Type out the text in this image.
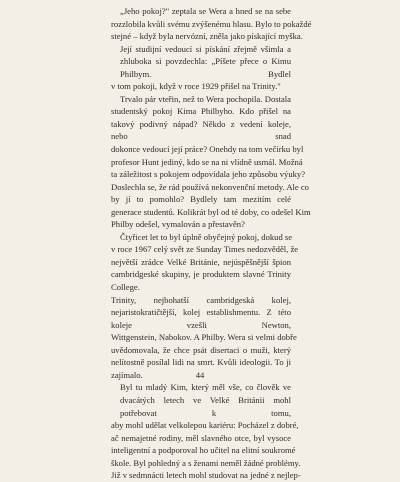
„Jeho pokoj?" zeptala se Wera a hned se na sebe
rozzlobila kvůli svému zvýšenému hlasu. Bylo to pokaždé
stejné – když byla nervózní, zněla jako pískající myška.
Její studijní vedoucí si pískání zřejmě všimla a zhluboka si povzdechla: „Píšete přece o Kimu Philbym. Bydlel
v tom pokoji, když v roce 1929 přišel na Trinity."
Trvalo pár vteřin, než to Wera pochopila. Dostala
studentský pokoj Kima Philbyho. Kdo přišel na takový podivný nápad? Někdo z vedení koleje, nebo snad
dokonce vedoucí její práce? Onehdy na tom večírku byl
profesor Hunt jediný, kdo se na ni vlídně usmál. Možná
ta záležitost s pokojem odpovídala jeho způsobu výuky?
Doslechla se, že rád používá nekonvenční metody. Ale co
by jí to pomohlo? Bydlely tam mezitím celé
generace studentů. Kolikrát byl od té doby, co odešel Kim
Philby odešel, vymalován a přestavěn?
Čtyřicet let to byl úplně obyčejný pokoj, dokud se
v roce 1967 celý svět ze Sunday Times nedozvěděl, že
největší zrádce Velké Británie, nejúspěšnější špion cambridgeské skupiny, je produktem slavné Trinity College.
Trinity, nejbohatší cambridgeská kolej, nejaristokratičtější, kolej establishmentu. Z této koleje vzešli Newton,
Wittgenstein, Nabokov. A Philby. Wera si velmi dobře
uvědomovala, že chce psát disertaci o muži, který nelítostně posílal lidi na smrt. Kvůli ideologii. To ji zajímalo.
Byl tu mladý Kim, který měl vše, co člověk ve dvacátých letech ve Velké Británii mohl potřebovat k tomu,
aby mohl udělat velkolepou kariéru: Pocházel z dobré,
ač nemajetné rodiny, měl slavného otce, byl vysoce
inteligentní a podporoval ho učitel na elitní soukromé
škole. Byl pohledný a s ženami neměl žádné problémy.
Již v sedmnácti letech mohl studovat na jedné z nejlep-
44
